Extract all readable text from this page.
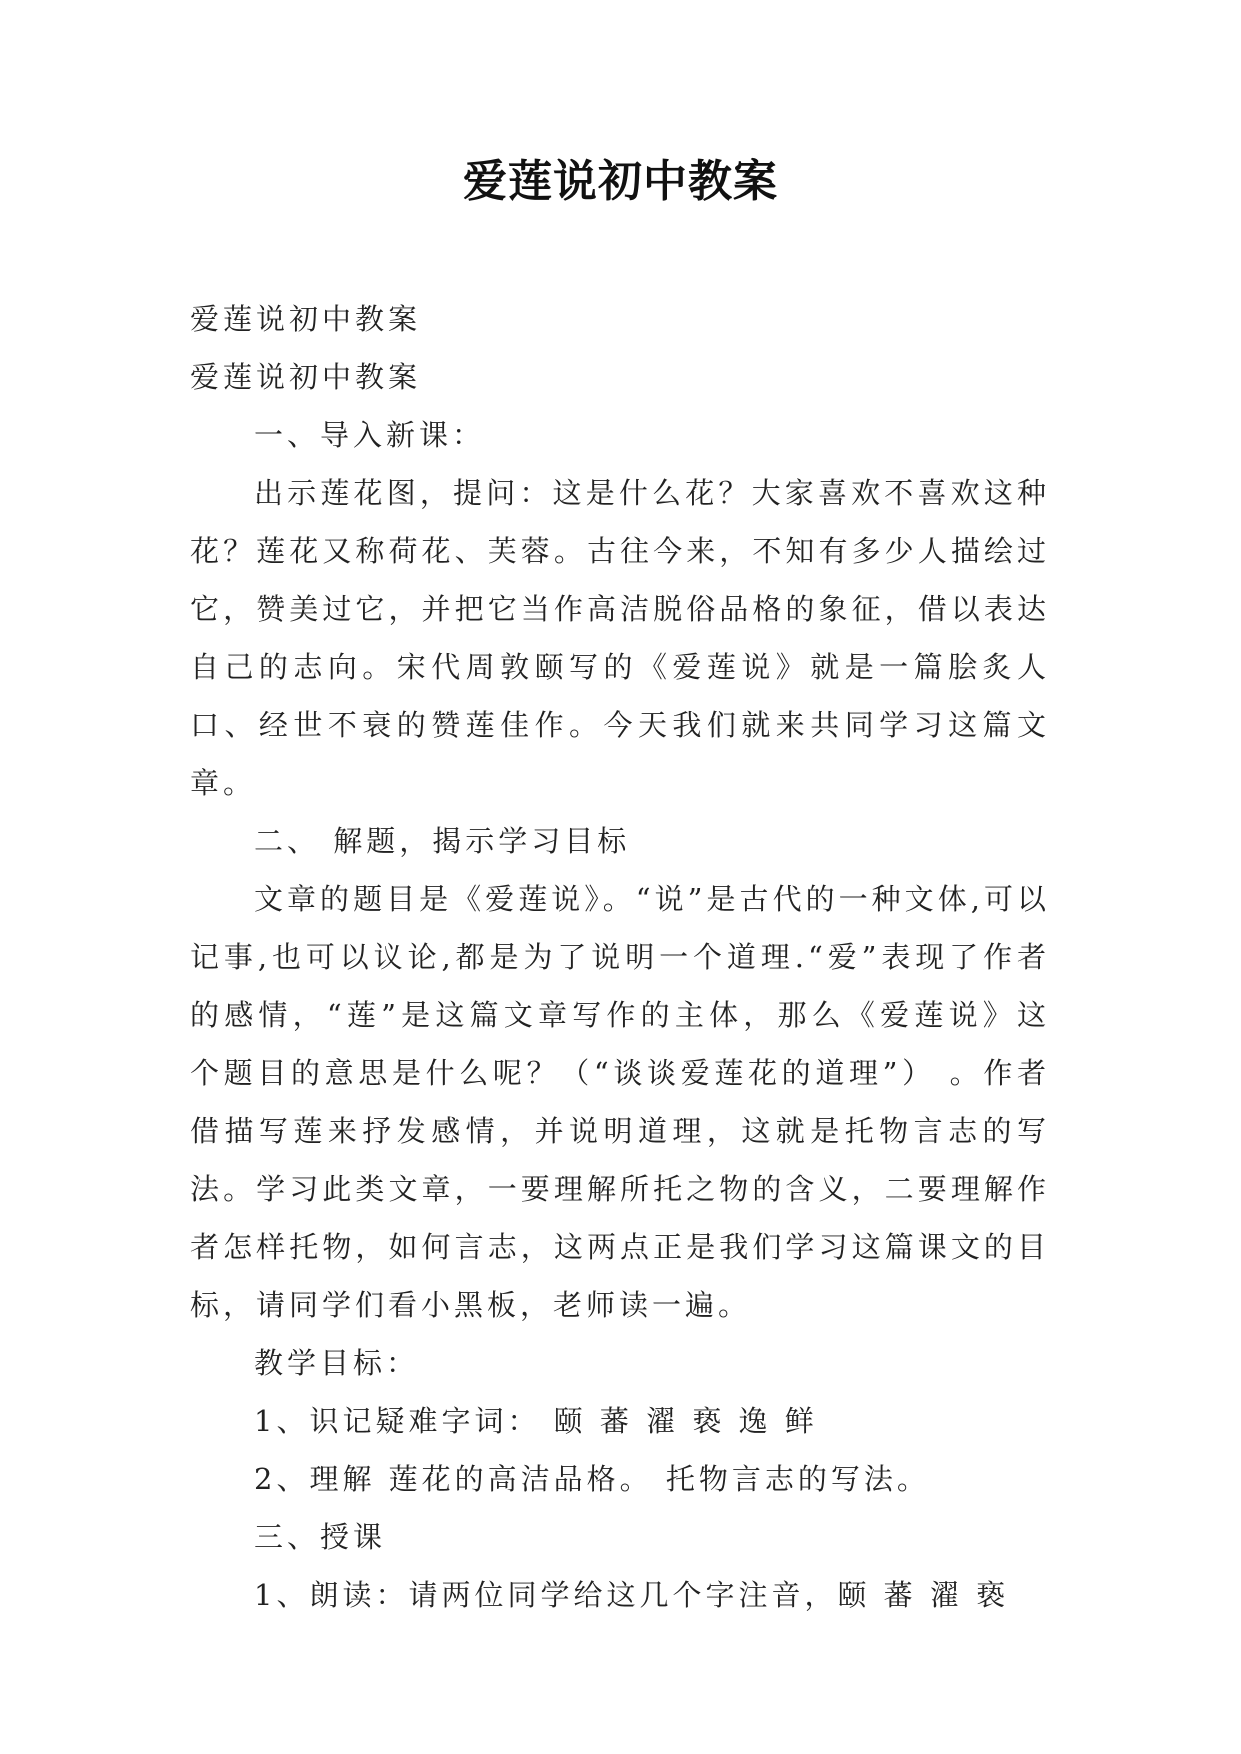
爱莲说初中教案

爱莲说初中教案

爱莲说初中教案

一、导入新课：

出示莲花图，提问：这是什么花？大家喜欢不喜欢这种花？莲花又称荷花、芙蓉。古往今来，不知有多少人描绘过它，赞美过它，并把它当作高洁脱俗品格的象征，借以表达自己的志向。宋代周敦颐写的《爱莲说》就是一篇脍炙人口、经世不衰的赞莲佳作。今天我们就来共同学习这篇文章。

二、 解题，揭示学习目标

文章的题目是《爱莲说》。“说”是古代的一种文体,可以记事,也可以议论,都是为了说明一个道理.“爱”表现了作者的感情，“莲”是这篇文章写作的主体，那么《爱莲说》这个题目的意思是什么呢？（“谈谈爱莲花的道理”） 。作者借描写莲来抒发感情，并说明道理，这就是托物言志的写法。学习此类文章，一要理解所托之物的含义，二要理解作者怎样托物，如何言志，这两点正是我们学习这篇课文的目标，请同学们看小黑板，老师读一遍。

教学目标：

1、识记疑难字词： 颐 蕃 濯 亵 逸 鲜

2、理解 莲花的高洁品格。 托物言志的写法。

三、授课

1、朗读：请两位同学给这几个字注音，颐 蕃 濯 亵
